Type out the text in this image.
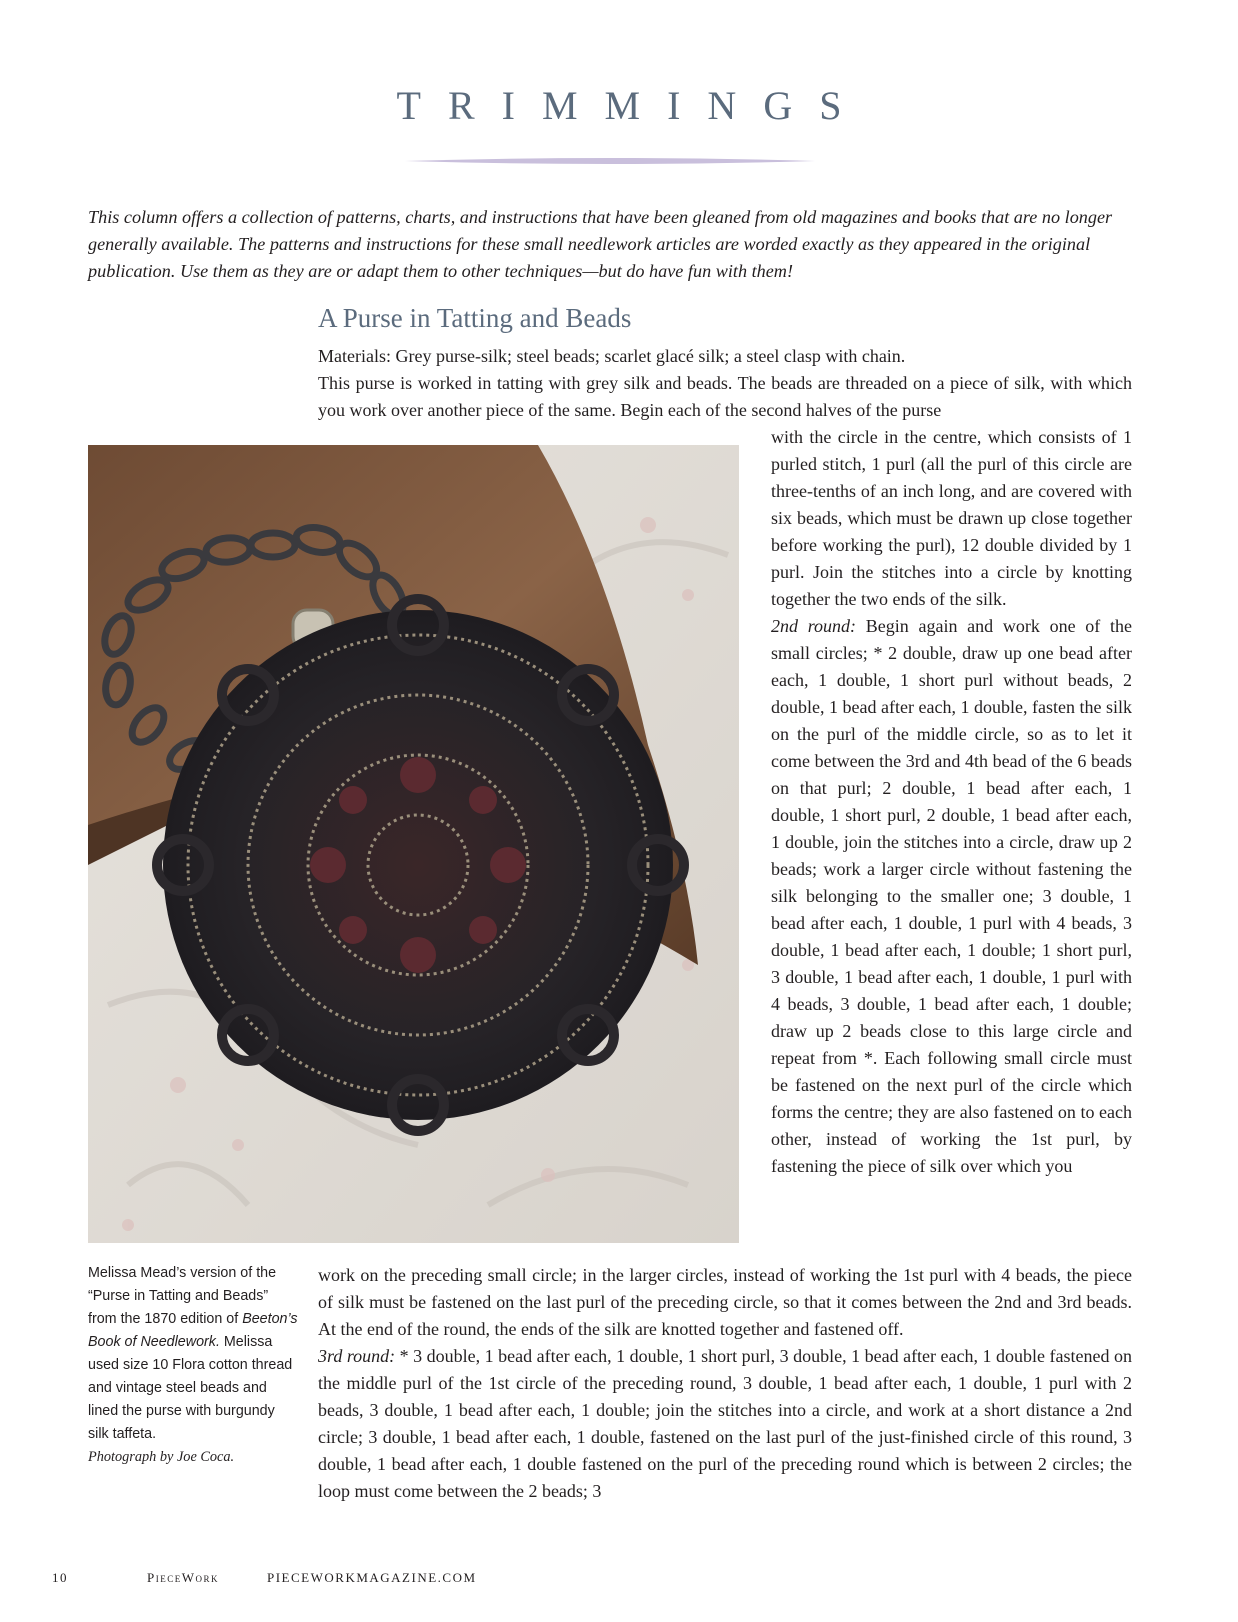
TRIMMINGS

This column offers a collection of patterns, charts, and instructions that have been gleaned from old magazines and books that are no longer generally available. The patterns and instructions for these small needlework articles are worded exactly as they appeared in the original publication. Use them as they are or adapt them to other techniques—but do have fun with them!

A Purse in Tatting and Beads
Materials: Grey purse-silk; steel beads; scarlet glacé silk; a steel clasp with chain.

This purse is worked in tatting with grey silk and beads. The beads are threaded on a piece of silk, with which you work over another piece of the same. Begin each of the second halves of the purse

with the circle in the centre, which consists of 1 purled stitch, 1 purl (all the purl of this circle are three-tenths of an inch long, and are covered with six beads, which must be drawn up close together before working the purl), 12 double divided by 1 purl. Join the stitches into a circle by knotting together the two ends of the silk.

2nd round: Begin again and work one of the small circles; * 2 double, draw up one bead after each, 1 double, 1 short purl without beads, 2 double, 1 bead after each, 1 double, fasten the silk on the purl of the middle circle, so as to let it come between the 3rd and 4th bead of the 6 beads on that purl; 2 double, 1 bead after each, 1 double, 1 short purl, 2 double, 1 bead after each, 1 double, join the stitches into a circle, draw up 2 beads; work a larger circle without fastening the silk belonging to the smaller one; 3 double, 1 bead after each, 1 double, 1 purl with 4 beads, 3 double, 1 bead after each, 1 double; 1 short purl, 3 double, 1 bead after each, 1 double, 1 purl with 4 beads, 3 double, 1 bead after each, 1 double; draw up 2 beads close to this large circle and repeat from *. Each following small circle must be fastened on the next purl of the circle which forms the centre; they are also fastened on to each other, instead of working the 1st purl, by fastening the piece of silk over which you

Melissa Mead’s version of the “Purse in Tatting and Beads” from the 1870 edition of Beeton’s Book of Needlework. Melissa used size 10 Flora cotton thread and vintage steel beads and lined the purse with burgundy silk taffeta.
Photograph by Joe Coca.

work on the preceding small circle; in the larger circles, instead of working the 1st purl with 4 beads, the piece of silk must be fastened on the last purl of the preceding circle, so that it comes between the 2nd and 3rd beads. At the end of the round, the ends of the silk are knotted together and fastened off.

3rd round: * 3 double, 1 bead after each, 1 double, 1 short purl, 3 double, 1 bead after each, 1 double fastened on the middle purl of the 1st circle of the preceding round, 3 double, 1 bead after each, 1 double, 1 purl with 2 beads, 3 double, 1 bead after each, 1 double; join the stitches into a circle, and work at a short distance a 2nd circle; 3 double, 1 bead after each, 1 double, fastened on the last purl of the just-finished circle of this round, 3 double, 1 bead after each, 1 double fastened on the purl of the preceding round which is between 2 circles; the loop must come between the 2 beads; 3

10	PieceWork	PIECEWORKMAGAZINE.COM
